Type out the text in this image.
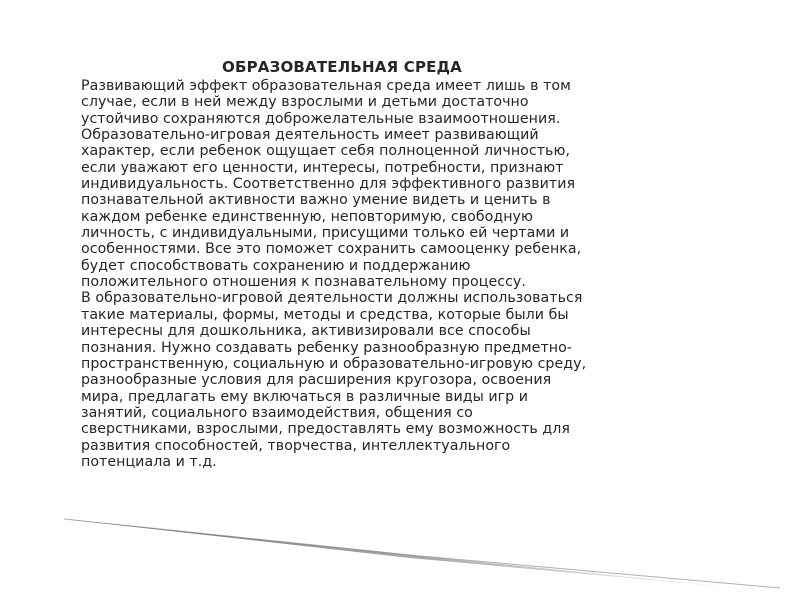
ОБРАЗОВАТЕЛЬНАЯ СРЕДА
Развивающий эффект образовательная среда имеет лишь в том
случае, если в ней между взрослыми и детьми достаточно
устойчиво сохраняются доброжелательные взаимоотношения.
Образовательно-игровая деятельность имеет развивающий
характер, если ребенок ощущает себя полноценной личностью,
если уважают его ценности, интересы, потребности, признают
индивидуальность. Соответственно для эффективного развития
познавательной активности важно умение видеть и ценить в
каждом ребенке единственную, неповторимую, свободную
личность, с индивидуальными, присущими только ей чертами и
особенностями. Все это поможет сохранить самооценку ребенка,
будет способствовать сохранению и поддержанию
положительного отношения к познавательному процессу.
В образовательно-игровой деятельности должны использоваться
такие материалы, формы, методы и средства, которые были бы
интересны для дошкольника, активизировали все способы
познания. Нужно создавать ребенку разнообразную предметно-
пространственную, социальную и образовательно-игровую среду,
разнообразные условия для расширения кругозора, освоения
мира, предлагать ему включаться в различные виды игр и
занятий, социального взаимодействия, общения со
сверстниками, взрослыми, предоставлять ему возможность для
развития способностей, творчества, интеллектуального
потенциала и т.д.
